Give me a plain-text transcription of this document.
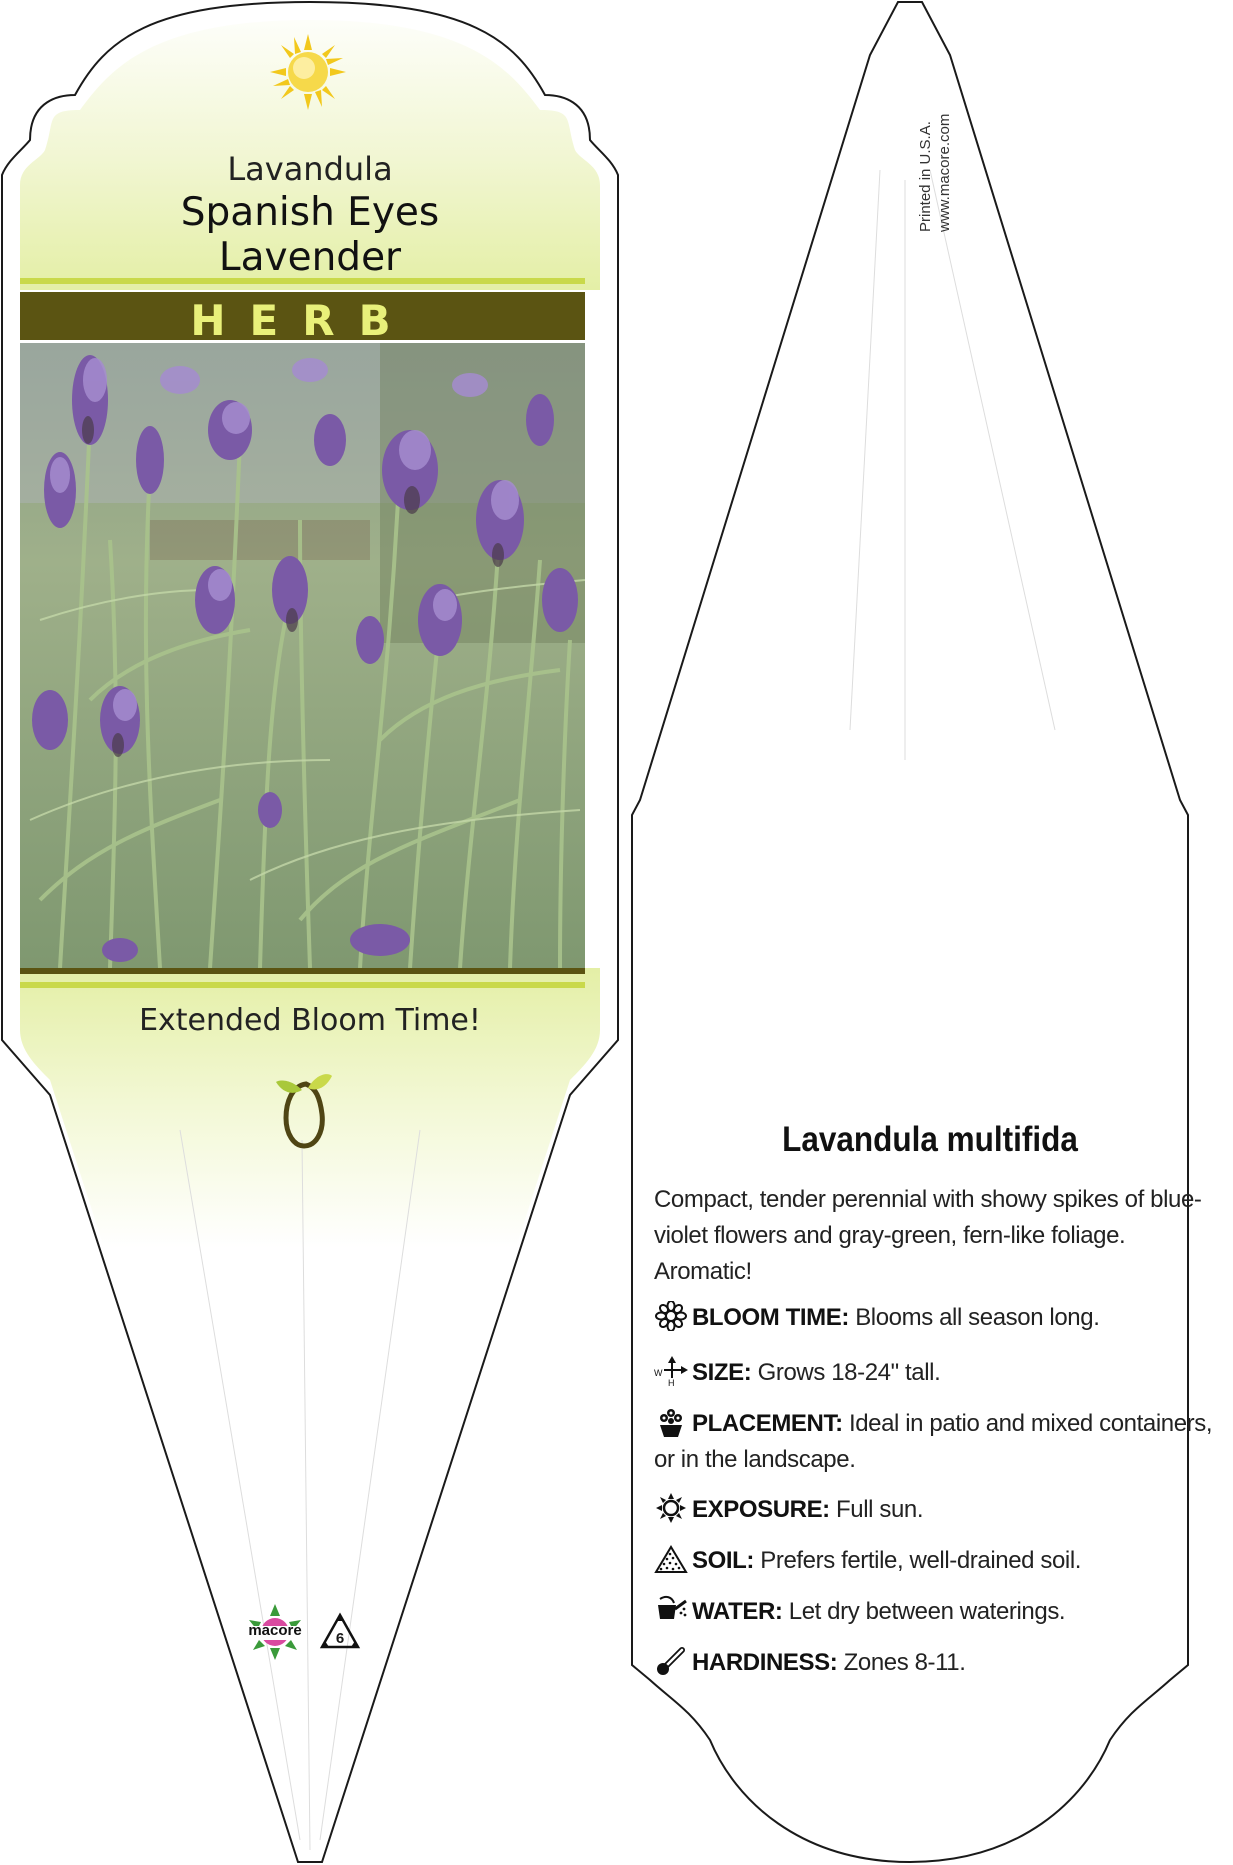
Lavandula
Spanish Eyes
Lavender
HERB
Extended Bloom Time!
macore	6
Printed in U.S.A. www.macore.com
Lavandula multifida
Compact, tender perennial with showy spikes of blue-violet flowers and gray-green, fern-like foliage. Aromatic!
BLOOM TIME: Blooms all season long.
W
H SIZE: Grows 18-24" tall.
PLACEMENT: Ideal in patio and mixed containers, or in the landscape.
EXPOSURE: Full sun.
SOIL: Prefers fertile, well-drained soil.
WATER: Let dry between waterings.
HARDINESS: Zones 8-11.
